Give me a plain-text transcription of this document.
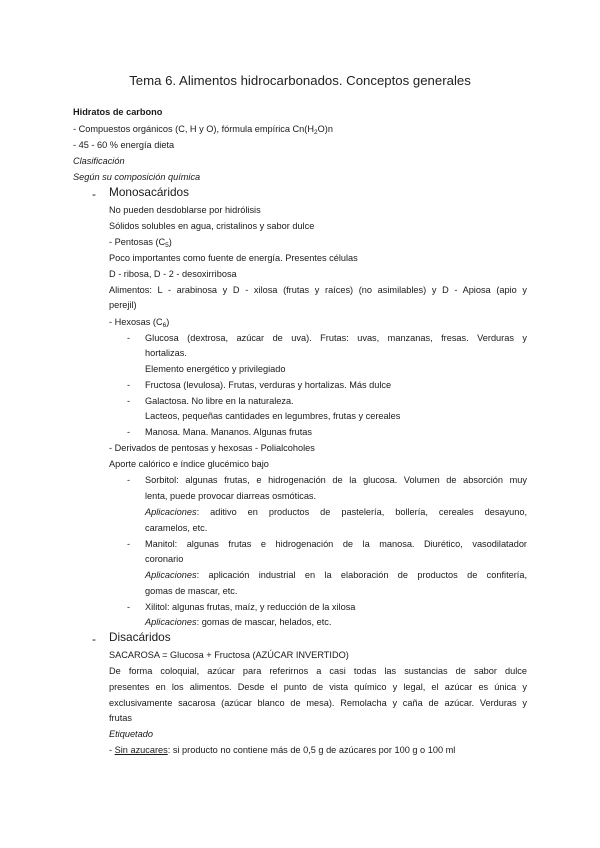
Tema 6. Alimentos hidrocarbonados. Conceptos generales
Hidratos de carbono
- Compuestos orgánicos (C, H y O), fórmula empírica $Cn(H_2O)n$
- 45 - 60 % energía dieta
Clasificación
Según su composición química
- Monosacáridos
No pueden desdoblarse por hidrólisis
Sólidos solubles en agua, cristalinos y sabor dulce
- Pentosas $(C_5)$
Poco importantes como fuente de energía. Presentes células
D - ribosa, D - 2 - desoxirribosa
Alimentos: L - arabinosa y D - xilosa (frutas y raíces) (no asimilables) y D - Apiosa (apio y
perejil)
- Hexosas $(C_6)$
- Glucosa (dextrosa, azúcar de uva). Frutas: uvas, manzanas, fresas. Verduras y
hortalizas.
Elemento energético y privilegiado
- Fructosa (levulosa). Frutas, verduras y hortalizas. Más dulce
- Galactosa. No libre en la naturaleza.
Lacteos, pequeñas cantidades en legumbres, frutas y cereales
- Manosa. Mana. Mananos. Algunas frutas
- Derivados de pentosas y hexosas - Polialcoholes
Aporte calórico e índice glucémico bajo
- Sorbitol: algunas frutas, e hidrogenación de la glucosa. Volumen de absorción muy
lenta, puede provocar diarreas osmóticas.
Aplicaciones: aditivo en productos de pastelería, bollería, cereales desayuno,
caramelos, etc.
- Manitol: algunas frutas e hidrogenación de la manosa. Diurético, vasodilatador
coronario
Aplicaciones: aplicación industrial en la elaboración de productos de confitería,
gomas de mascar, etc.
- Xilitol: algunas frutas, maíz, y reducción de la xilosa
Aplicaciones: gomas de mascar, helados, etc.
- Disacáridos
SACAROSA = Glucosa + Fructosa (AZÚCAR INVERTIDO)
De forma coloquial, azúcar para referirnos a casi todas las sustancias de sabor dulce
presentes en los alimentos. Desde el punto de vista químico y legal, el azúcar es única y
exclusivamente sacarosa (azúcar blanco de mesa). Remolacha y caña de azúcar. Verduras y
frutas
Etiquetado
- Sin azucares: si producto no contiene más de 0,5 g de azúcares por 100 g o 100 ml
